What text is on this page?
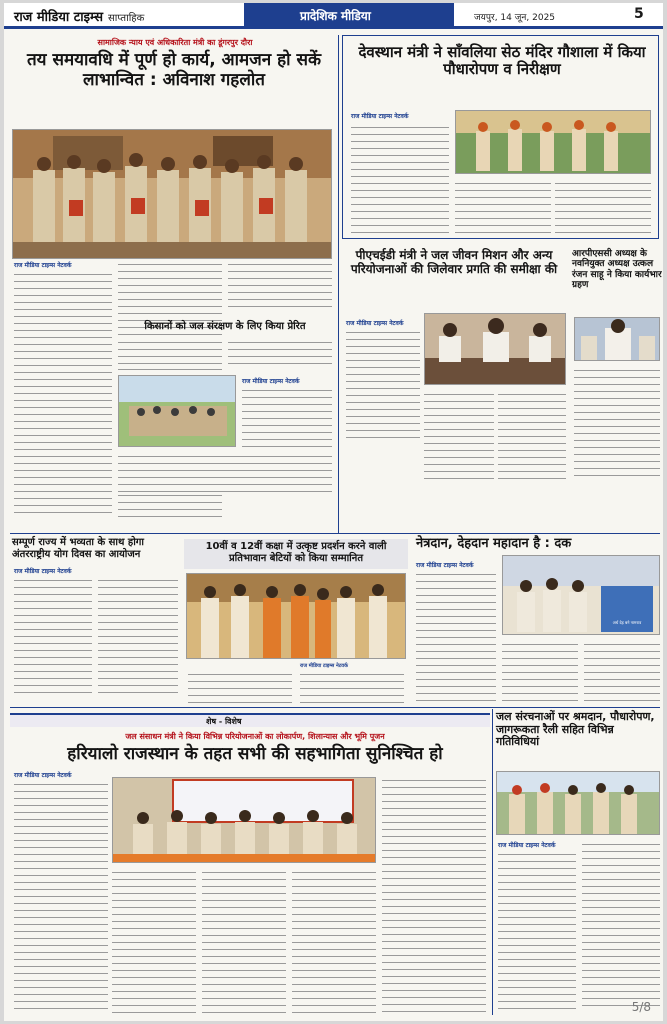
राज मीडिया टाइम्स साप्ताहिक	प्रादेशिक मीडिया	जयपुर, 14 जून, 2025	5
सामाजिक न्याय एवं अधिकारिता मंत्री का डूंगरपुर दौरा
तय समयावधि में पूर्ण हो कार्य, आमजन हो सकें लाभान्वित : अविनाश गहलोत
राज मीडिया टाइम्स नेटवर्क
किसानों को जल संरक्षण के लिए किया प्रेरित
राज मीडिया टाइम्स नेटवर्क
देवस्थान मंत्री ने साँवलिया सेठ मंदिर गौशाला में किया पौधारोपण व निरीक्षण
राज मीडिया टाइम्स नेटवर्क
पीएचईडी मंत्री ने जल जीवन मिशन और अन्य परियोजनाओं की जिलेवार प्रगति की समीक्षा की
राज मीडिया टाइम्स नेटवर्क
आरपीएससी अध्यक्ष के नवनियुक्त अध्यक्ष उत्कल रंजन साहू ने किया कार्यभार ग्रहण
सम्पूर्ण राज्य में भव्यता के साथ होगा अंतरराष्ट्रीय योग दिवस का आयोजन
राज मीडिया टाइम्स नेटवर्क
10वीं व 12वीं कक्षा में उत्कृष्ट प्रदर्शन करने वाली प्रतिभावान बेटियों को किया सम्मानित
राज मीडिया टाइम्स नेटवर्क
नेत्रदान, देहदान महादान है : दक
राज मीडिया टाइम्स नेटवर्क
अर्थ देह बने नामराव
शेष - विशेष
जल संसाधन मंत्री ने किया विभिन्न परियोजनाओं का लोकार्पण, शिलान्यास और भूमि पूजन
हरियालो राजस्थान के तहत सभी की सहभागिता सुनिश्चित हो
राज मीडिया टाइम्स नेटवर्क
जल संरचनाओं पर श्रमदान, पौधारोपण, जागरूकता रैली सहित विभिन्न गतिविधियां
राज मीडिया टाइम्स नेटवर्क
5/8
